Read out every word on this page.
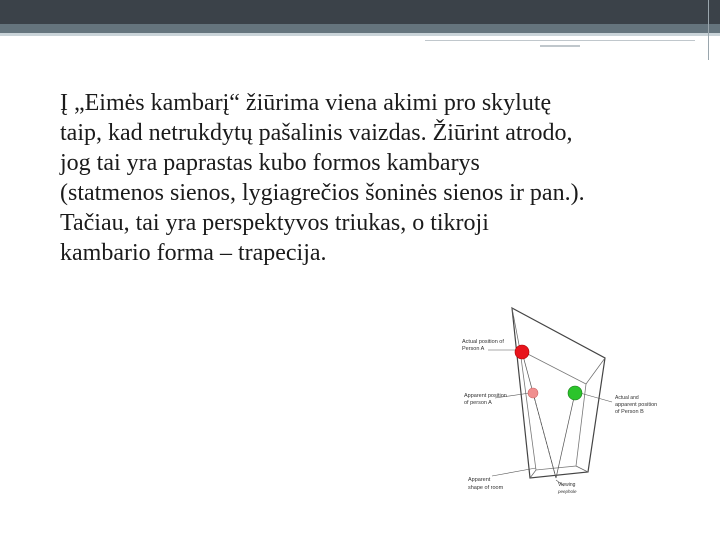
Į „Eimės kambarį“ žiūrima viena akimi pro skylutę

taip, kad netrukdytų pašalinis vaizdas. Žiūrint atrodo,

jog tai yra paprastas kubo formos kambarys

(statmenos sienos, lygiagrečios šoninės sienos ir pan.).

Tačiau, tai yra perspektyvos triukas, o tikroji

kambario forma – trapecija.

Actual position of
Person A
Apparent position
of person A
Actual and
apparent position
of Person B
Apparent
shape of room	Viewing
peephole
